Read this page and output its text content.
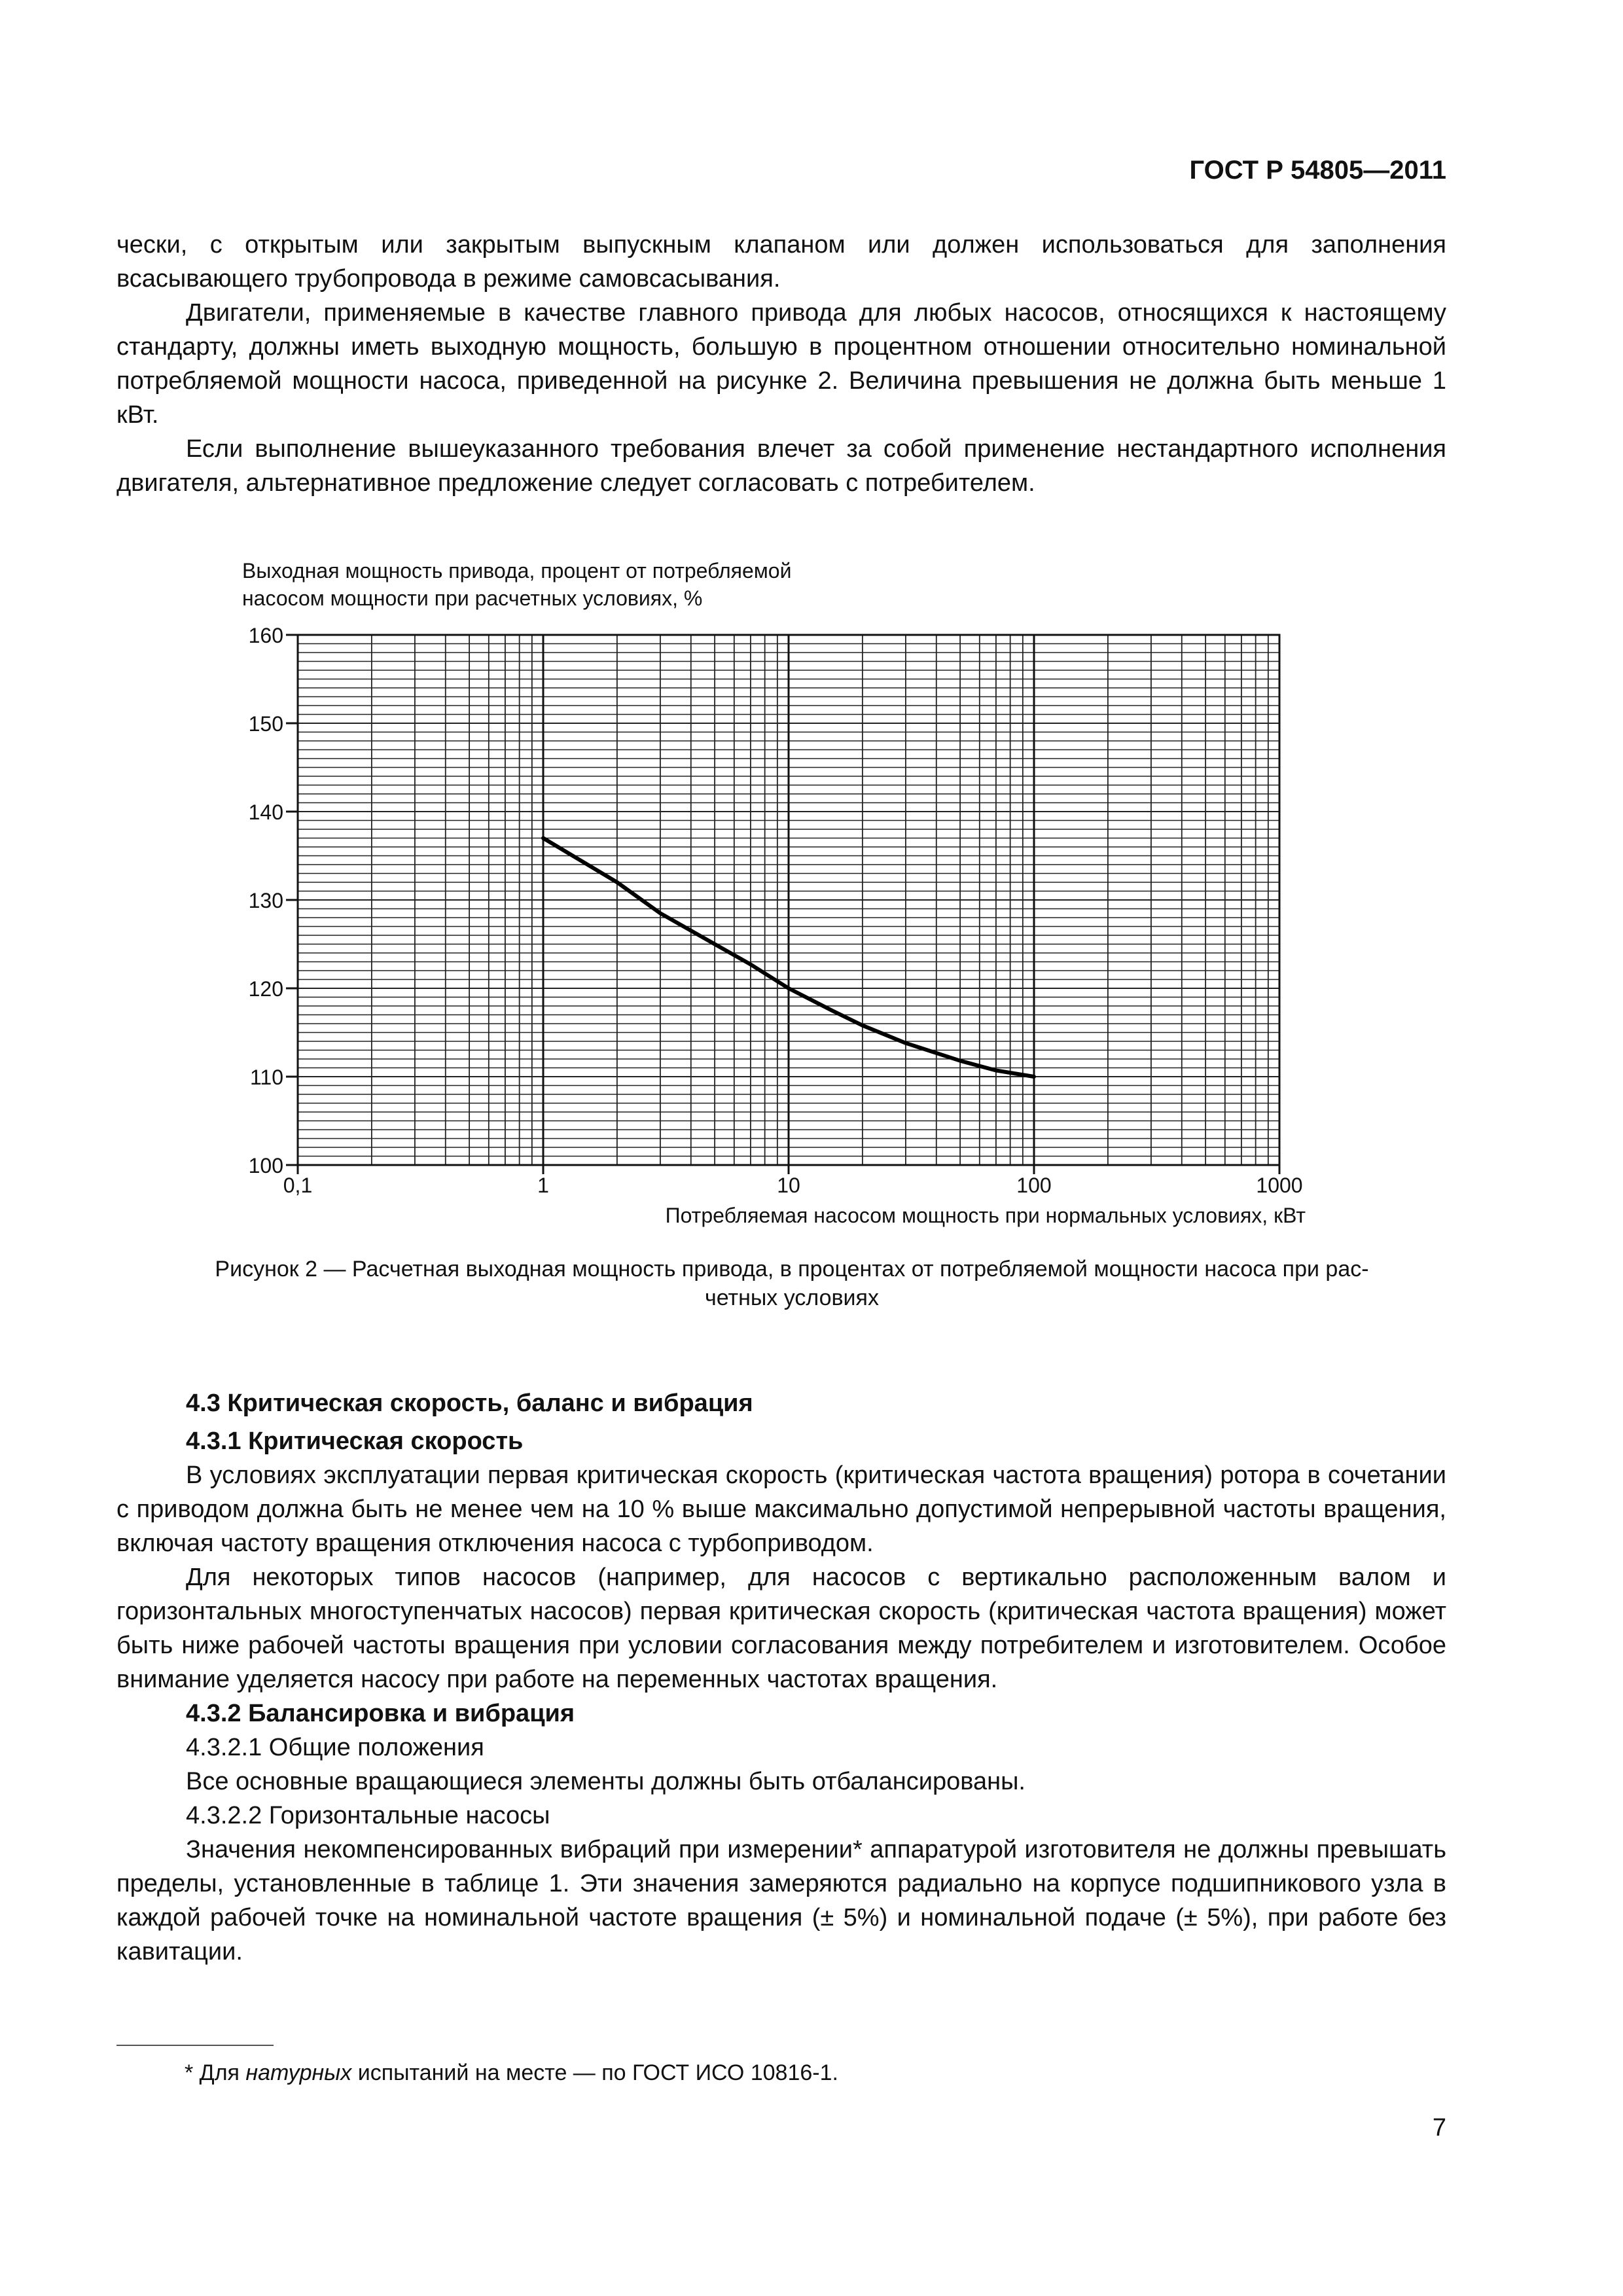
ГОСТ Р 54805—2011

чески, с открытым или закрытым выпускным клапаном или должен использоваться для заполнения всасывающего трубопровода в режиме самовсасывания.

Двигатели, применяемые в качестве главного привода для любых насосов, относящихся к настоящему стандарту, должны иметь выходную мощность, большую в процентном отношении относительно номинальной потребляемой мощности насоса, приведенной на рисунке 2. Величина превышения не должна быть меньше 1 кВт.

Если выполнение вышеуказанного требования влечет за собой применение нестандартного исполнения двигателя, альтернативное предложение следует согласовать с потребителем.

100
110
120
130
140
150
160
0,1	1	10	100	1000
Выходная мощность привода, процент от потребляемой
насосом мощности при расчетных условиях, %
Потребляемая насосом мощность при нормальных условиях, кВт
Рисунок 2 — Расчетная выходная мощность привода, в процентах от потребляемой мощности насоса при рас-
четных условиях

4.3 Критическая скорость, баланс и вибрация

4.3.1 Критическая скорость

В условиях эксплуатации первая критическая скорость (критическая частота вращения) ротора в сочетании с приводом должна быть не менее чем на 10 % выше максимально допустимой непрерывной частоты вращения, включая частоту вращения отключения насоса с турбоприводом.

Для некоторых типов насосов (например, для насосов с вертикально расположенным валом и горизонтальных многоступенчатых насосов) первая критическая скорость (критическая частота вращения) может быть ниже рабочей частоты вращения при условии согласования между потребителем и изготовителем. Особое внимание уделяется насосу при работе на переменных частотах вращения.

4.3.2 Балансировка и вибрация

4.3.2.1 Общие положения

Все основные вращающиеся элементы должны быть отбалансированы.

4.3.2.2 Горизонтальные насосы

Значения некомпенсированных вибраций при измерении* аппаратурой изготовителя не должны превышать пределы, установленные в таблице 1. Эти значения замеряются радиально на корпусе подшипникового узла в каждой рабочей точке на номинальной частоте вращения (± 5%) и номинальной подаче (± 5%), при работе без кавитации.

* Для натурных испытаний на месте — по ГОСТ ИСО 10816-1.
7
